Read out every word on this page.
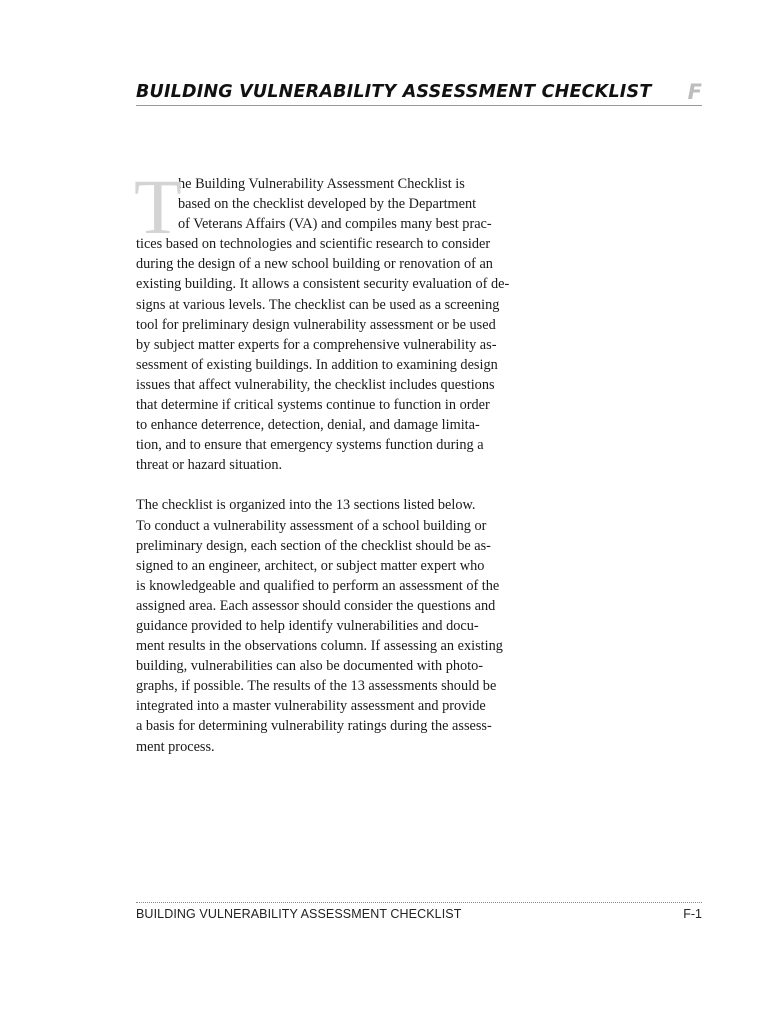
BUILDING VULNERABILITY ASSESSMENT CHECKLIST F
T
he Building Vulnerability Assessment Checklist is
based on the checklist developed by the Department
of Veterans Affairs (VA) and compiles many best prac-
tices based on technologies and scientific research to consider
during the design of a new school building or renovation of an
existing building. It allows a consistent security evaluation of de-
signs at various levels. The checklist can be used as a screening
tool for preliminary design vulnerability assessment or be used
by subject matter experts for a comprehensive vulnerability as-
sessment of existing buildings. In addition to examining design
issues that affect vulnerability, the checklist includes questions
that determine if critical systems continue to function in order
to enhance deterrence, detection, denial, and damage limita-
tion, and to ensure that emergency systems function during a
threat or hazard situation.
The checklist is organized into the 13 sections listed below.
To conduct a vulnerability assessment of a school building or
preliminary design, each section of the checklist should be as-
signed to an engineer, architect, or subject matter expert who
is knowledgeable and qualified to perform an assessment of the
assigned area. Each assessor should consider the questions and
guidance provided to help identify vulnerabilities and docu-
ment results in the observations column. If assessing an existing
building, vulnerabilities can also be documented with photo-
graphs, if possible. The results of the 13 assessments should be
integrated into a master vulnerability assessment and provide
a basis for determining vulnerability ratings during the assess-
ment process.
BUILDING VULNERABILITY ASSESSMENT CHECKLIST	F-1
